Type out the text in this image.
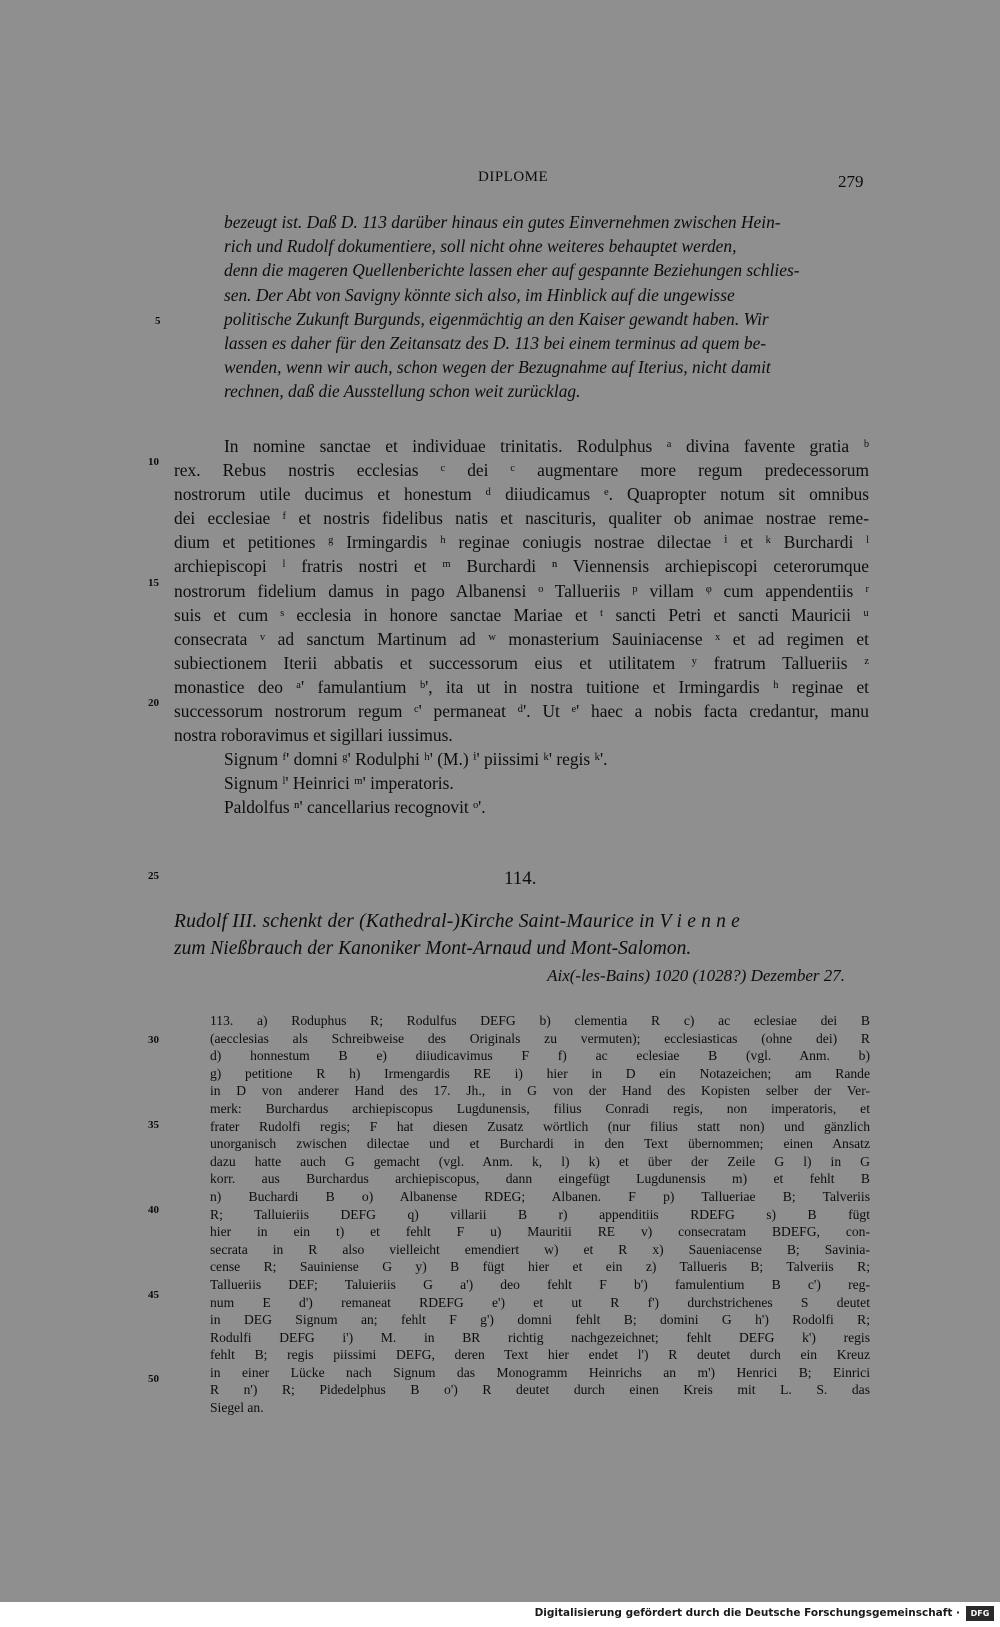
DIPLOME	279
5
10
15
20
25
30
35
40
45
50
bezeugt ist. Daß D. 113 darüber hinaus ein gutes Einvernehmen zwischen Hein-
rich und Rudolf dokumentiere, soll nicht ohne weiteres behauptet werden,
denn die mageren Quellenberichte lassen eher auf gespannte Beziehungen schlies-
sen. Der Abt von Savigny könnte sich also, im Hinblick auf die ungewisse
politische Zukunft Burgunds, eigenmächtig an den Kaiser gewandt haben. Wir
lassen es daher für den Zeitansatz des D. 113 bei einem terminus ad quem be-
wenden, wenn wir auch, schon wegen der Bezugnahme auf Iterius, nicht damit
rechnen, daß die Ausstellung schon weit zurücklag.
In nomine sanctae et individuae trinitatis. Rodulphus ᵃ divina favente gratia ᵇ
rex. Rebus nostris ecclesias ᶜ dei ᶜ augmentare more regum predecessorum
nostrorum utile ducimus et honestum ᵈ diiudicamus ᵉ. Quapropter notum sit omnibus
dei ecclesiae ᶠ et nostris fidelibus natis et nascituris, qualiter ob animae nostrae reme-
dium et petitiones ᵍ Irmingardis ʰ reginae coniugis nostrae dilectae ⁱ et ᵏ Burchardi ˡ
archiepiscopi ˡ fratris nostri et ᵐ Burchardi ⁿ Viennensis archiepiscopi ceterorumque
nostrorum fidelium damus in pago Albanensi ᵒ Tallueriis ᵖ villam ᵠ cum appendentiis ʳ
suis et cum ˢ ecclesia in honore sanctae Mariae et ᵗ sancti Petri et sancti Mauricii ᵘ
consecrata ᵛ ad sanctum Martinum ad ʷ monasterium Sauiniacense ˣ et ad regimen et
subiectionem Iterii abbatis et successorum eius et utilitatem ʸ fratrum Tallueriis ᶻ
monastice deo ᵃ' famulantium ᵇ', ita ut in nostra tuitione et Irmingardis ʰ reginae et
successorum nostrorum regum ᶜ' permaneat ᵈ'. Ut ᵉ' haec a nobis facta credantur, manu
nostra roboravimus et sigillari iussimus.
Signum ᶠ' domni ᵍ' Rodulphi ʰ' (M.) ⁱ' piissimi ᵏ' regis ᵏ'.
Signum ˡ' Heinrici ᵐ' imperatoris.
Paldolfus ⁿ' cancellarius recognovit ᵒ'.
114.
Rudolf III. schenkt der (Kathedral-)Kirche Saint-Maurice in V i e n n e
zum Nießbrauch der Kanoniker Mont-Arnaud und Mont-Salomon.
Aix(-les-Bains) 1020 (1028?) Dezember 27.
113. a) Roduphus R; Rodulfus DEFG b) clementia R c) ac eclesiae dei B
(aecclesias als Schreibweise des Originals zu vermuten); ecclesiasticas (ohne dei) R
d) honnestum B e) diiudicavimus F f) ac eclesiae B (vgl. Anm. b)
g) petitione R h) Irmengardis RE i) hier in D ein Notazeichen; am Rande
in D von anderer Hand des 17. Jh., in G von der Hand des Kopisten selber der Ver-
merk: Burchardus archiepiscopus Lugdunensis, filius Conradi regis, non imperatoris, et
frater Rudolfi regis; F hat diesen Zusatz wörtlich (nur filius statt non) und gänzlich
unorganisch zwischen dilectae und et Burchardi in den Text übernommen; einen Ansatz
dazu hatte auch G gemacht (vgl. Anm. k, l) k) et über der Zeile G l) in G
korr. aus Burchardus archiepiscopus, dann eingefügt Lugdunensis m) et fehlt B
n) Buchardi B o) Albanense RDEG; Albanen. F p) Tallueriae B; Talveriis
R; Talluieriis DEFG q) villarii B r) appenditiis RDEFG s) B fügt
hier in ein t) et fehlt F u) Mauritii RE v) consecratam BDEFG, con-
secrata in R also vielleicht emendiert w) et R x) Saueniacense B; Savinia-
cense R; Sauiniense G y) B fügt hier et ein z) Tallueris B; Talveriis R;
Tallueriis DEF; Taluieriis G a') deo fehlt F b') famulentium B c') reg-
num E d') remaneat RDEFG e') et ut R f') durchstrichenes S deutet
in DEG Signum an; fehlt F g') domni fehlt B; domini G h') Rodolfi R;
Rodulfi DEFG i') M. in BR richtig nachgezeichnet; fehlt DEFG k') regis
fehlt B; regis piissimi DEFG, deren Text hier endet l') R deutet durch ein Kreuz
in einer Lücke nach Signum das Monogramm Heinrichs an m') Henrici B; Einrici
R n') R; Pidedelphus B o') R deutet durch einen Kreis mit L. S. das
Siegel an.
Digitalisierung gefördert durch die Deutsche Forschungsgemeinschaft ·	DFG
